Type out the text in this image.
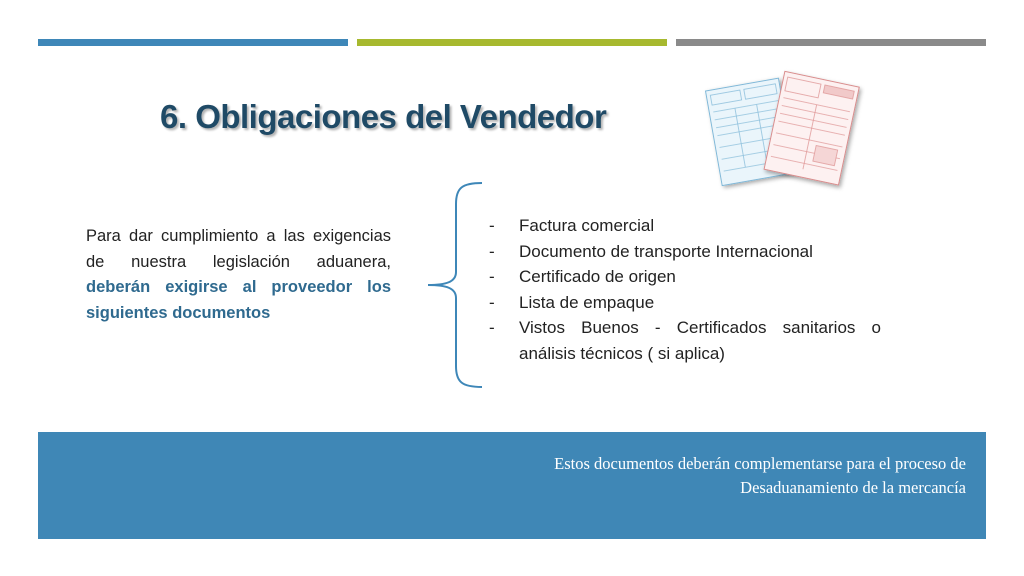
6. Obligaciones del Vendedor

Para dar cumplimiento a las exigencias de nuestra legislación aduanera, deberán exigirse al proveedor los siguientes documentos

- Factura comercial
- Documento de transporte Internacional
- Certificado de origen
- Lista de empaque
- Vistos Buenos - Certificados sanitarios o análisis técnicos ( si aplica)
Estos documentos deberán complementarse para el proceso de Desaduanamiento de la mercancía
